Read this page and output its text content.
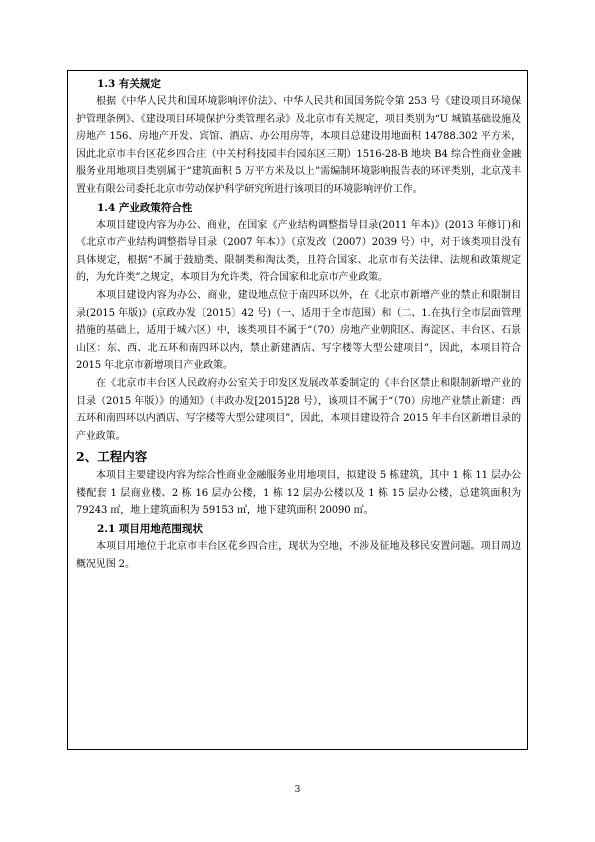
1.3 有关规定

根据《中华人民共和国环境影响评价法》、中华人民共和国国务院令第 253 号《建设项目环境保护管理条例》、《建设项目环境保护分类管理名录》及北京市有关规定，项目类别为“U 城镇基础设施及房地产 156、房地产开发、宾馆、酒店、办公用房等，本项目总建设用地面积 14788.302 平方米，因此北京市丰台区花乡四合庄（中关村科技园丰台园东区三期）1516-28-B 地块 B4 综合性商业金融服务业用地项目类别属于“建筑面积 5 万平方米及以上”需编制环境影响报告表的环评类别，北京茂丰置业有限公司委托北京市劳动保护科学研究所进行该项目的环境影响评价工作。

1.4 产业政策符合性

本项目建设内容为办公、商业，在国家《产业结构调整指导目录(2011 年本)》(2013 年修订)和《北京市产业结构调整指导目录（2007 年本）》（京发改（2007）2039 号）中，对于该类项目没有具体规定，根据“不属于鼓励类、限制类和淘汰类，且符合国家、北京市有关法律、法规和政策规定的，为允许类”之规定，本项目为允许类，符合国家和北京市产业政策。

本项目建设内容为办公、商业，建设地点位于南四环以外，在《北京市新增产业的禁止和限制目录(2015 年版)》(京政办发〔2015〕42 号)（一、适用于全市范围）和（二、1.在执行全市层面管理措施的基础上，适用于城六区）中，该类项目不属于“（70）房地产业朝阳区、海淀区、丰台区、石景山区：东、西、北五环和南四环以内，禁止新建酒店、写字楼等大型公建项目”，因此，本项目符合 2015 年北京市新增项目产业政策。

在《北京市丰台区人民政府办公室关于印发区发展改革委制定的《丰台区禁止和限制新增产业的目录（2015 年版）》的通知》（丰政办发[2015]28 号），该项目不属于“（70）房地产业禁止新建：西五环和南四环以内酒店、写字楼等大型公建项目”，因此，本项目建设符合 2015 年丰台区新增目录的产业政策。

2、工程内容

本项目主要建设内容为综合性商业金融服务业用地项目，拟建设 5 栋建筑，其中 1 栋 11 层办公楼配套 1 层商业楼、2 栋 16 层办公楼，1 栋 12 层办公楼以及 1 栋 15 层办公楼，总建筑面积为 79243 ㎡，地上建筑面积为 59153 ㎡，地下建筑面积 20090 ㎡。

2.1 项目用地范围现状

本项目用地位于北京市丰台区花乡四合庄，现状为空地，不涉及征地及移民安置问题。项目周边概况见图 2。

3
